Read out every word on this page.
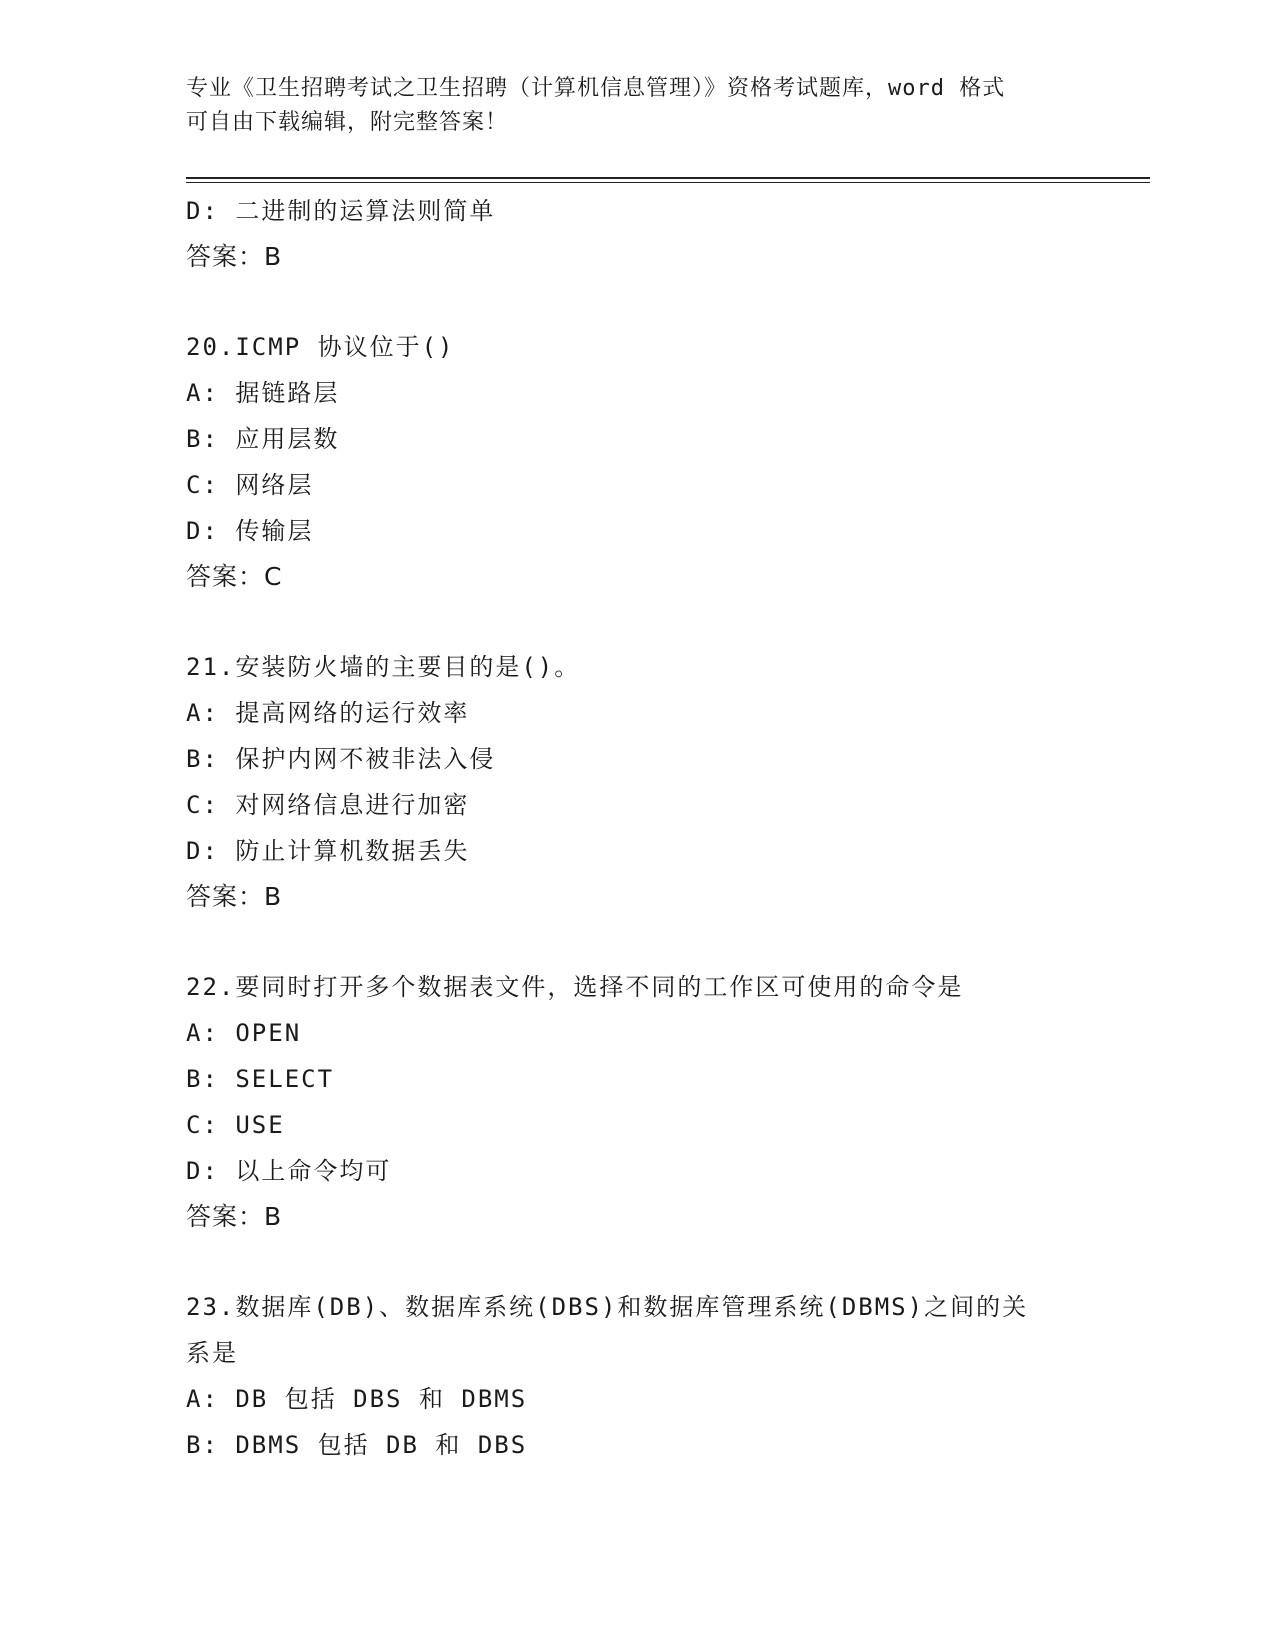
专业《卫生招聘考试之卫生招聘（计算机信息管理）》资格考试题库，word 格式
可自由下载编辑，附完整答案！
D: 二进制的运算法则简单
答案：B
20.ICMP 协议位于()
A: 据链路层
B: 应用层数
C: 网络层
D: 传输层
答案：C
21.安装防火墙的主要目的是()。
A: 提高网络的运行效率
B: 保护内网不被非法入侵
C: 对网络信息进行加密
D: 防止计算机数据丢失
答案：B
22.要同时打开多个数据表文件，选择不同的工作区可使用的命令是
A: OPEN
B: SELECT
C: USE
D: 以上命令均可
答案：B
23.数据库(DB)、数据库系统(DBS)和数据库管理系统(DBMS)之间的关系是
A: DB 包括 DBS 和 DBMS
B: DBMS 包括 DB 和 DBS
